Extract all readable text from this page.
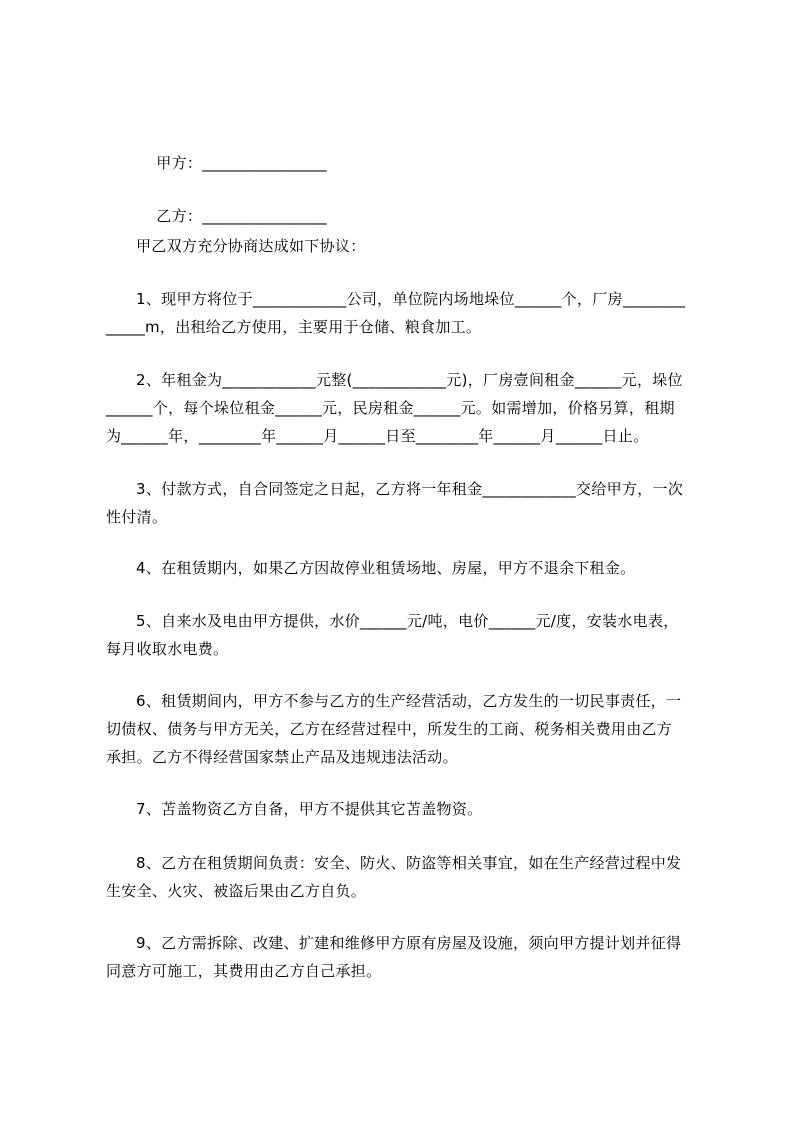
甲方：________________

乙方：________________

甲乙双方充分协商达成如下协议：
1、现甲方将位于____________公司，单位院内场地垛位______个，厂房________
_____m，出租给乙方使用，主要用于仓储、粮食加工。
2、年租金为____________元整(____________元)，厂房壹间租金______元，垛位
______个，每个垛位租金______元，民房租金______元。如需增加，价格另算，租期
为______年，________年______月______日至________年______月______日止。
3、付款方式，自合同签定之日起，乙方将一年租金____________交给甲方，一次
性付清。
4、在租赁期内，如果乙方因故停业租赁场地、房屋，甲方不退余下租金。
5、自来水及电由甲方提供，水价______元/吨，电价______元/度，安装水电表，
每月收取水电费。
6、租赁期间内，甲方不参与乙方的生产经营活动，乙方发生的一切民事责任，一
切债权、债务与甲方无关，乙方在经营过程中，所发生的工商、税务相关费用由乙方
承担。乙方不得经营国家禁止产品及违规违法活动。
7、苫盖物资乙方自备，甲方不提供其它苫盖物资。
8、乙方在租赁期间负责：安全、防火、防盗等相关事宜，如在生产经营过程中发
生安全、火灾、被盗后果由乙方自负。
9、乙方需拆除、改建、扩建和维修甲方原有房屋及设施，须向甲方提计划并征得
同意方可施工，其费用由乙方自己承担。
